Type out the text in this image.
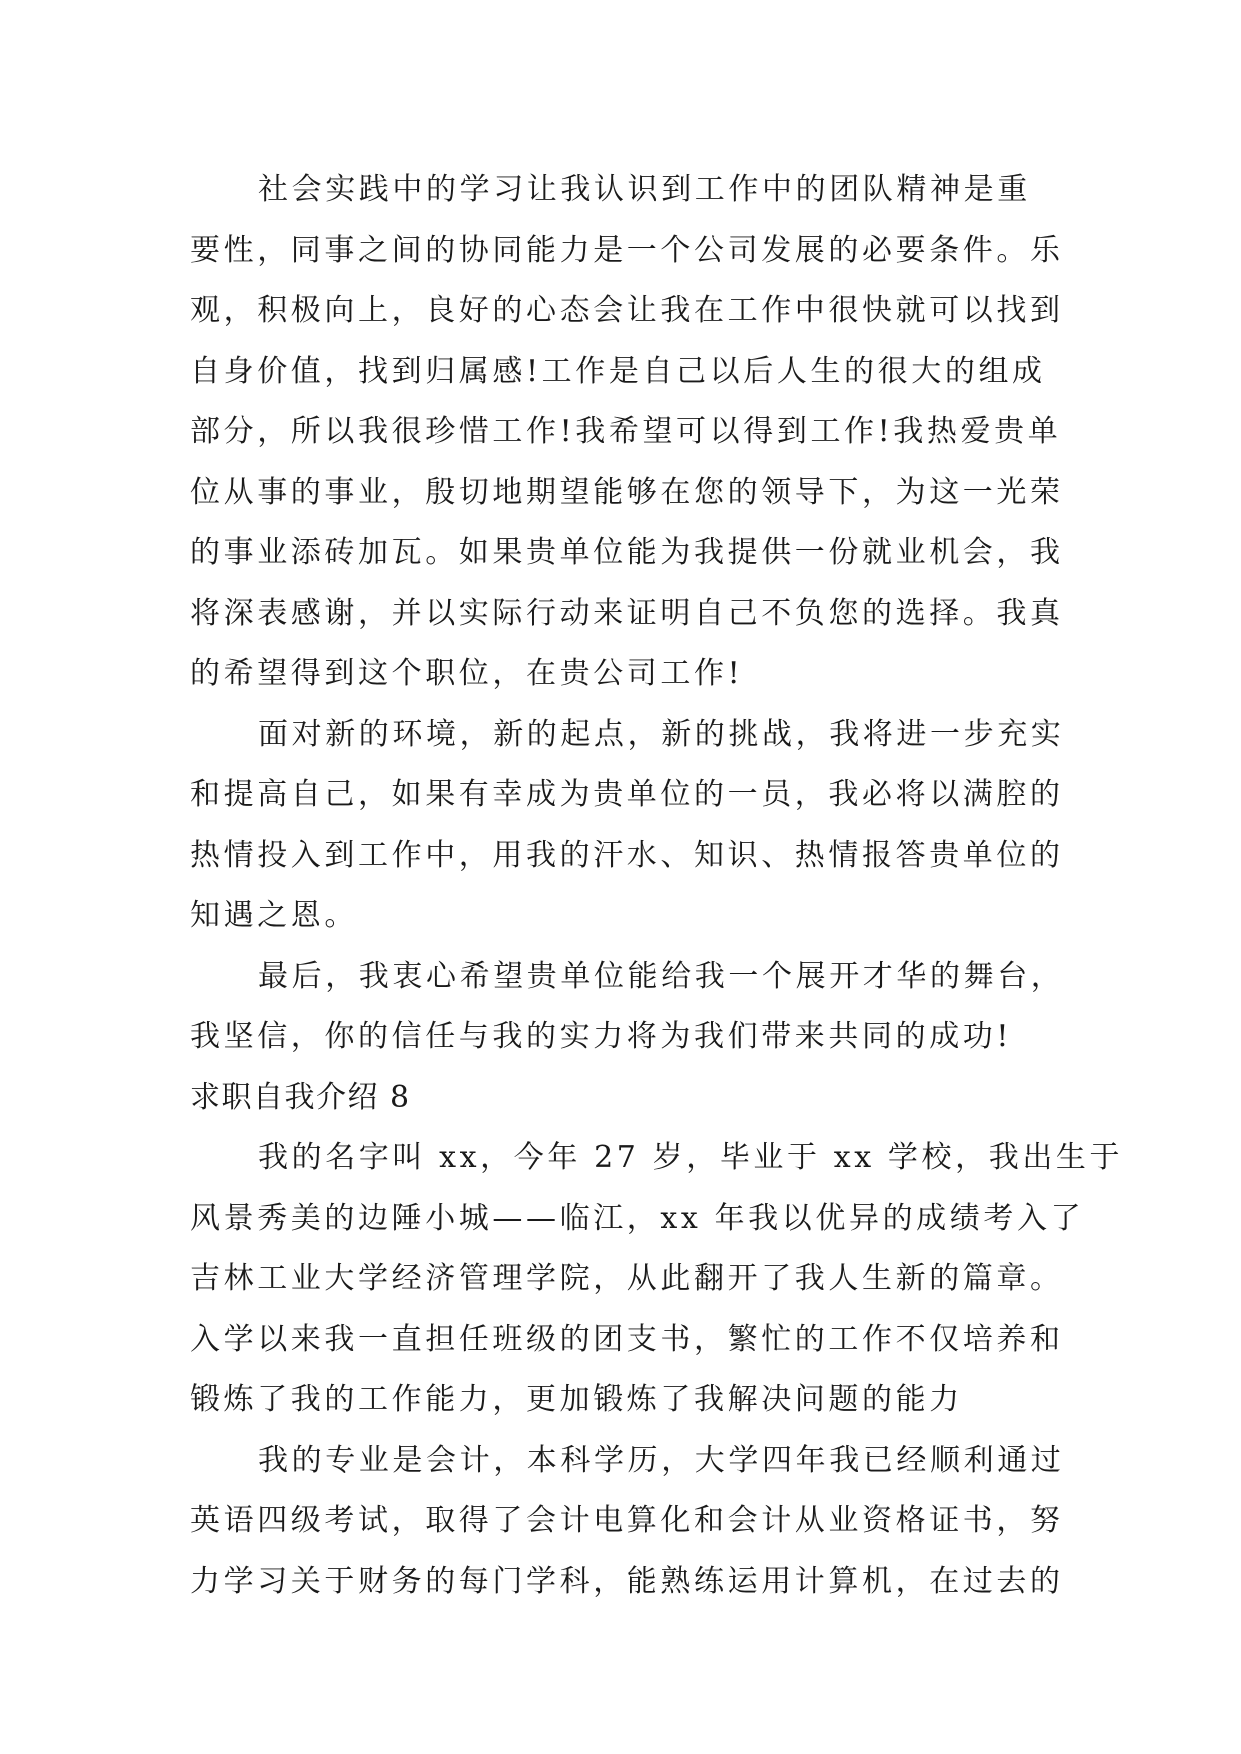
社会实践中的学习让我认识到工作中的团队精神是重
要性，同事之间的协同能力是一个公司发展的必要条件。乐
观，积极向上，良好的心态会让我在工作中很快就可以找到
自身价值，找到归属感!工作是自己以后人生的很大的组成
部分，所以我很珍惜工作!我希望可以得到工作!我热爱贵单
位从事的事业，殷切地期望能够在您的领导下，为这一光荣
的事业添砖加瓦。如果贵单位能为我提供一份就业机会，我
将深表感谢，并以实际行动来证明自己不负您的选择。我真
的希望得到这个职位，在贵公司工作!
面对新的环境，新的起点，新的挑战，我将进一步充实
和提高自己，如果有幸成为贵单位的一员，我必将以满腔的
热情投入到工作中，用我的汗水、知识、热情报答贵单位的
知遇之恩。
最后，我衷心希望贵单位能给我一个展开才华的舞台，
我坚信，你的信任与我的实力将为我们带来共同的成功!
求职自我介绍 8
我的名字叫 xx，今年 27 岁，毕业于 xx 学校，我出生于
风景秀美的边陲小城——临江，xx 年我以优异的成绩考入了
吉林工业大学经济管理学院，从此翻开了我人生新的篇章。
入学以来我一直担任班级的团支书，繁忙的工作不仅培养和
锻炼了我的工作能力，更加锻炼了我解决问题的能力
我的专业是会计，本科学历，大学四年我已经顺利通过
英语四级考试，取得了会计电算化和会计从业资格证书，努
力学习关于财务的每门学科，能熟练运用计算机，在过去的
